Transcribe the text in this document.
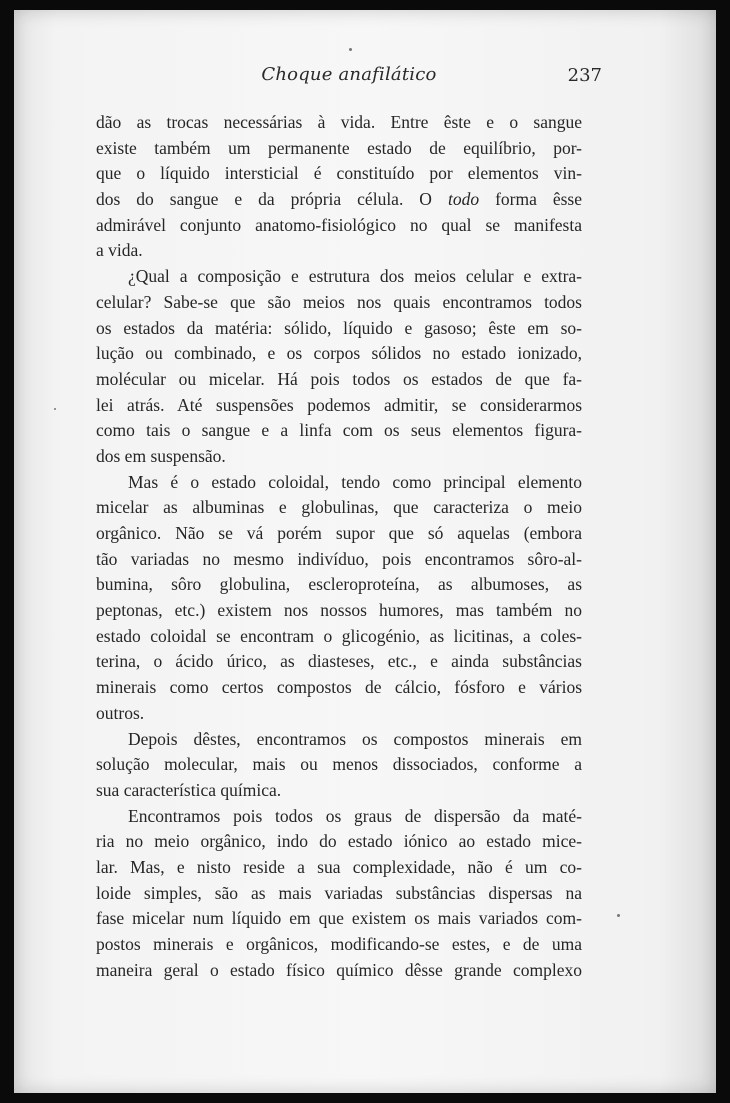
Choque anafilático	237
dão as trocas necessárias à vida. Entre êste e o sangue
existe também um permanente estado de equilíbrio, por-
que o líquido intersticial é constituído por elementos vin-
dos do sangue e da própria célula. O todo forma êsse
admirável conjunto anatomo-fisiológico no qual se manifesta
a vida.
¿Qual a composição e estrutura dos meios celular e extra-
celular? Sabe-se que são meios nos quais encontramos todos
os estados da matéria: sólido, líquido e gasoso; êste em so-
lução ou combinado, e os corpos sólidos no estado ionizado,
molécular ou micelar. Há pois todos os estados de que fa-
lei atrás. Até suspensões podemos admitir, se considerarmos
como tais o sangue e a linfa com os seus elementos figura-
dos em suspensão.
Mas é o estado coloidal, tendo como principal elemento
micelar as albuminas e globulinas, que caracteriza o meio
orgânico. Não se vá porém supor que só aquelas (embora
tão variadas no mesmo indivíduo, pois encontramos sôro-al-
bumina, sôro globulina, escleroproteína, as albumoses, as
peptonas, etc.) existem nos nossos humores, mas também no
estado coloidal se encontram o glicogénio, as licitinas, a coles-
terina, o ácido úrico, as diasteses, etc., e ainda substâncias
minerais como certos compostos de cálcio, fósforo e vários
outros.
Depois dêstes, encontramos os compostos minerais em
solução molecular, mais ou menos dissociados, conforme a
sua característica química.
Encontramos pois todos os graus de dispersão da maté-
ria no meio orgânico, indo do estado iónico ao estado mice-
lar. Mas, e nisto reside a sua complexidade, não é um co-
loide simples, são as mais variadas substâncias dispersas na
fase micelar num líquido em que existem os mais variados com-
postos minerais e orgânicos, modificando-se estes, e de uma
maneira geral o estado físico químico dêsse grande complexo
